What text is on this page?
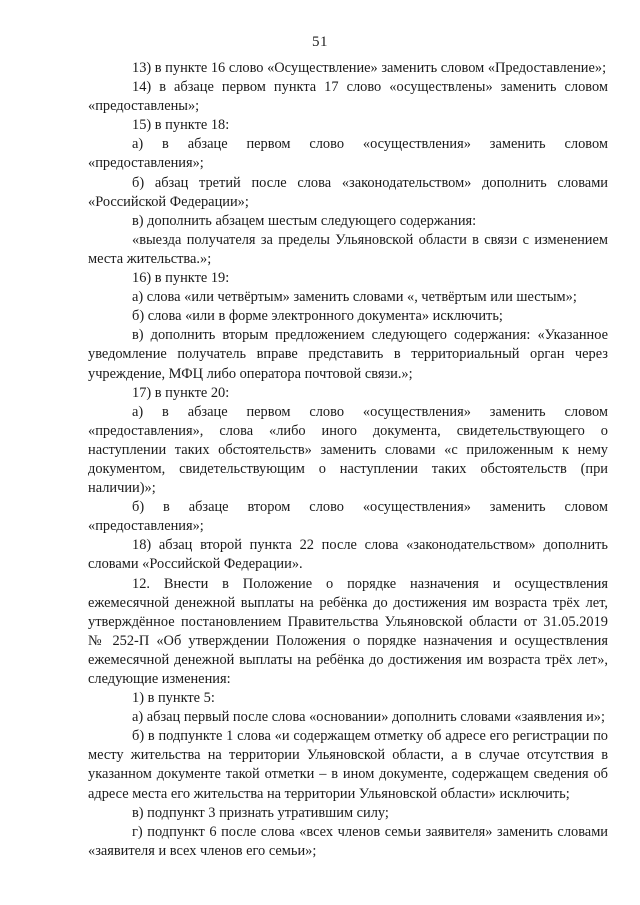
51

13) в пункте 16 слово «Осуществление» заменить словом «Предоставление»;

14) в абзаце первом пункта 17 слово «осуществлены» заменить словом «предоставлены»;

15) в пункте 18:

а) в абзаце первом слово «осуществления» заменить словом «предоставления»;

б) абзац третий после слова «законодательством» дополнить словами «Российской Федерации»;

в) дополнить абзацем шестым следующего содержания:

«выезда получателя за пределы Ульяновской области в связи с изменением места жительства.»;

16) в пункте 19:

а) слова «или четвёртым» заменить словами «, четвёртым или шестым»;

б) слова «или в форме электронного документа» исключить;

в) дополнить вторым предложением следующего содержания: «Указанное уведомление получатель вправе представить в территориальный орган через учреждение, МФЦ либо оператора почтовой связи.»;

17) в пункте 20:

а) в абзаце первом слово «осуществления» заменить словом «предоставления», слова «либо иного документа, свидетельствующего о наступлении таких обстоятельств» заменить словами «с приложенным к нему документом, свидетельствующим о наступлении таких обстоятельств (при наличии)»;

б) в абзаце втором слово «осуществления» заменить словом «предоставления»;

18) абзац второй пункта 22 после слова «законодательством» дополнить словами «Российской Федерации».

12. Внести в Положение о порядке назначения и осуществления ежемесячной денежной выплаты на ребёнка до достижения им возраста трёх лет, утверждённое постановлением Правительства Ульяновской области от 31.05.2019 № 252-П «Об утверждении Положения о порядке назначения и осуществления ежемесячной денежной выплаты на ребёнка до достижения им возраста трёх лет», следующие изменения:

1) в пункте 5:

а) абзац первый после слова «основании» дополнить словами «заявления и»;

б) в подпункте 1 слова «и содержащем отметку об адресе его регистрации по месту жительства на территории Ульяновской области, а в случае отсутствия в указанном документе такой отметки – в ином документе, содержащем сведения об адресе места его жительства на территории Ульяновской области» исключить;

в) подпункт 3 признать утратившим силу;

г) подпункт 6 после слова «всех членов семьи заявителя» заменить словами «заявителя и всех членов его семьи»;
